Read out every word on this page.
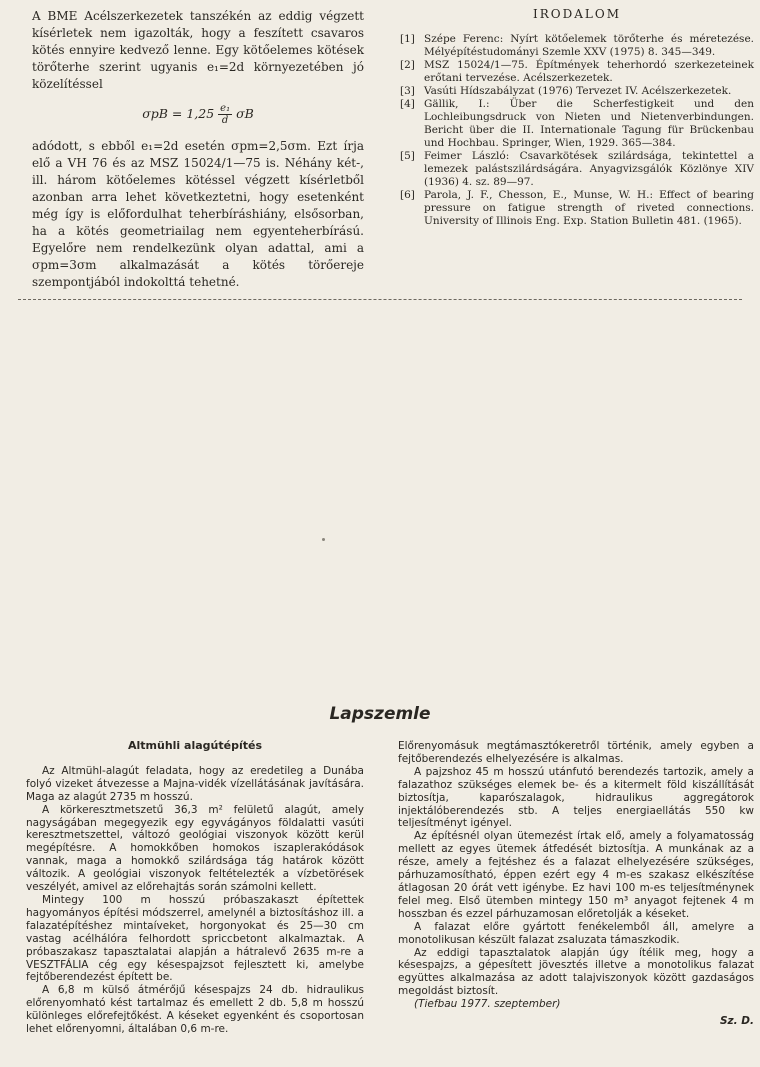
A BME Acélszerkezetek tanszékén az eddig végzett kísérletek nem igazolták, hogy a feszített csavaros kötés ennyire kedvező lenne. Egy kötőelemes kötések törőterhe szerint ugyanis e₁=2d környezetében jó közelítéssel

$\sigma pB = 1,25 \frac{\text{e₁}}{d}$ σB

adódott, s ebből e₁=2d esetén σpm=2,5σm. Ezt írja elő a VH 76 és az MSZ 15024/1—75 is. Néhány két-, ill. három kötőelemes kötéssel végzett kísérletből azonban arra lehet következtetni, hogy esetenként még így is előfordulhat teherbíráshiány, elsősorban, ha a kötés geometriailag nem egyenteherbírású. Egyelőre nem rendelkezünk olyan adattal, ami a σpm=3σm alkalmazását a kötés törőereje szempontjából indokolttá tehetné.

IRODALOM
[1] Szépe Ferenc: Nyírt kötőelemek törőterhe és méretezése. Mélyépítéstudományi Szemle XXV (1975) 8. 345—349.
[2] MSZ 15024/1—75. Építmények teherhordó szerkezeteinek erőtani tervezése. Acélszerkezetek.
[3] Vasúti Hídszabályzat (1976) Tervezet IV. Acélszerkezetek.
[4] Gällik, I.: Über die Scherfestigkeit und den Lochleibungsdruck von Nieten und Nietenverbindungen. Bericht über die II. Internationale Tagung für Brückenbau und Hochbau. Springer, Wien, 1929. 365—384.
[5] Feimer László: Csavarkötések szilárdsága, tekintettel a lemezek palástszilárdságára. Anyagvizsgálók Közlönye XIV (1936) 4. sz. 89—97.
[6] Parola, J. F., Chesson, E., Munse, W. H.: Effect of bearing pressure on fatigue strength of riveted connections. University of Illinois Eng. Exp. Station Bulletin 481. (1965).
Lapszemle
Altmühli alagútépítés

Az Altmühl-alagút feladata, hogy az eredetileg a Dunába folyó vizeket átvezesse a Majna-vidék vízellátásának javítására. Maga az alagút 2735 m hosszú.

A körkeresztmetszetű 36,3 m² felületű alagút, amely nagyságában megegyezik egy egyvágányos földalatti vasúti keresztmetszettel, változó geológiai viszonyok között kerül megépítésre. A homokkőben homokos iszaplerakódások vannak, maga a homokkő szilárdsága tág határok között változik. A geológiai viszonyok feltételezték a vízbetörések veszélyét, amivel az előrehajtás során számolni kellett.

Mintegy 100 m hosszú próbaszakaszt építettek hagyományos építési módszerrel, amelynél a biztosításhoz ill. a falazatépítéshez mintaíveket, horgonyokat és 25—30 cm vastag acélhálóra felhordott spriccbetont alkalmaztak. A próbaszakasz tapasztalatai alapján a hátralevő 2635 m-re a VESZTFÁLIA cég egy késespajzsot fejlesztett ki, amelybe fejtőberendezést épített be.

A 6,8 m külső átmérőjű késespajzs 24 db. hidraulikus előrenyomható kést tartalmaz és emellett 2 db. 5,8 m hosszú különleges előrefejtőkést. A késeket egyenként és csoportosan lehet előrenyomni, általában 0,6 m-re.

Előrenyomásuk megtámasztókeretről történik, amely egyben a fejtőberendezés elhelyezésére is alkalmas.

A pajzshoz 45 m hosszú utánfutó berendezés tartozik, amely a falazathoz szükséges elemek be- és a kitermelt föld kiszállítását biztosítja, kaparószalagok, hidraulikus aggregátorok injektálóberendezés stb. A teljes energiaellátás 550 kw teljesítményt igényel.

Az építésnél olyan ütemezést írtak elő, amely a folyamatosság mellett az egyes ütemek átfedését biztosítja. A munkának az a része, amely a fejtéshez és a falazat elhelyezésére szükséges, párhuzamosítható, éppen ezért egy 4 m-es szakasz elkészítése átlagosan 20 órát vett igénybe. Ez havi 100 m-es teljesítménynek felel meg. Első ütemben mintegy 150 m³ anyagot fejtenek 4 m hosszban és ezzel párhuzamosan előretolják a késeket.

A falazat előre gyártott fenékelemből áll, amelyre a monotolikusan készült falazat zsaluzata támaszkodik.

Az eddigi tapasztalatok alapján úgy ítélik meg, hogy a késespajzs, a gépesített jövesztés illetve a monotolikus falazat együttes alkalmazása az adott talajviszonyok között gazdaságos megoldást biztosít.

(Tiefbau 1977. szeptember)

Sz. D.
